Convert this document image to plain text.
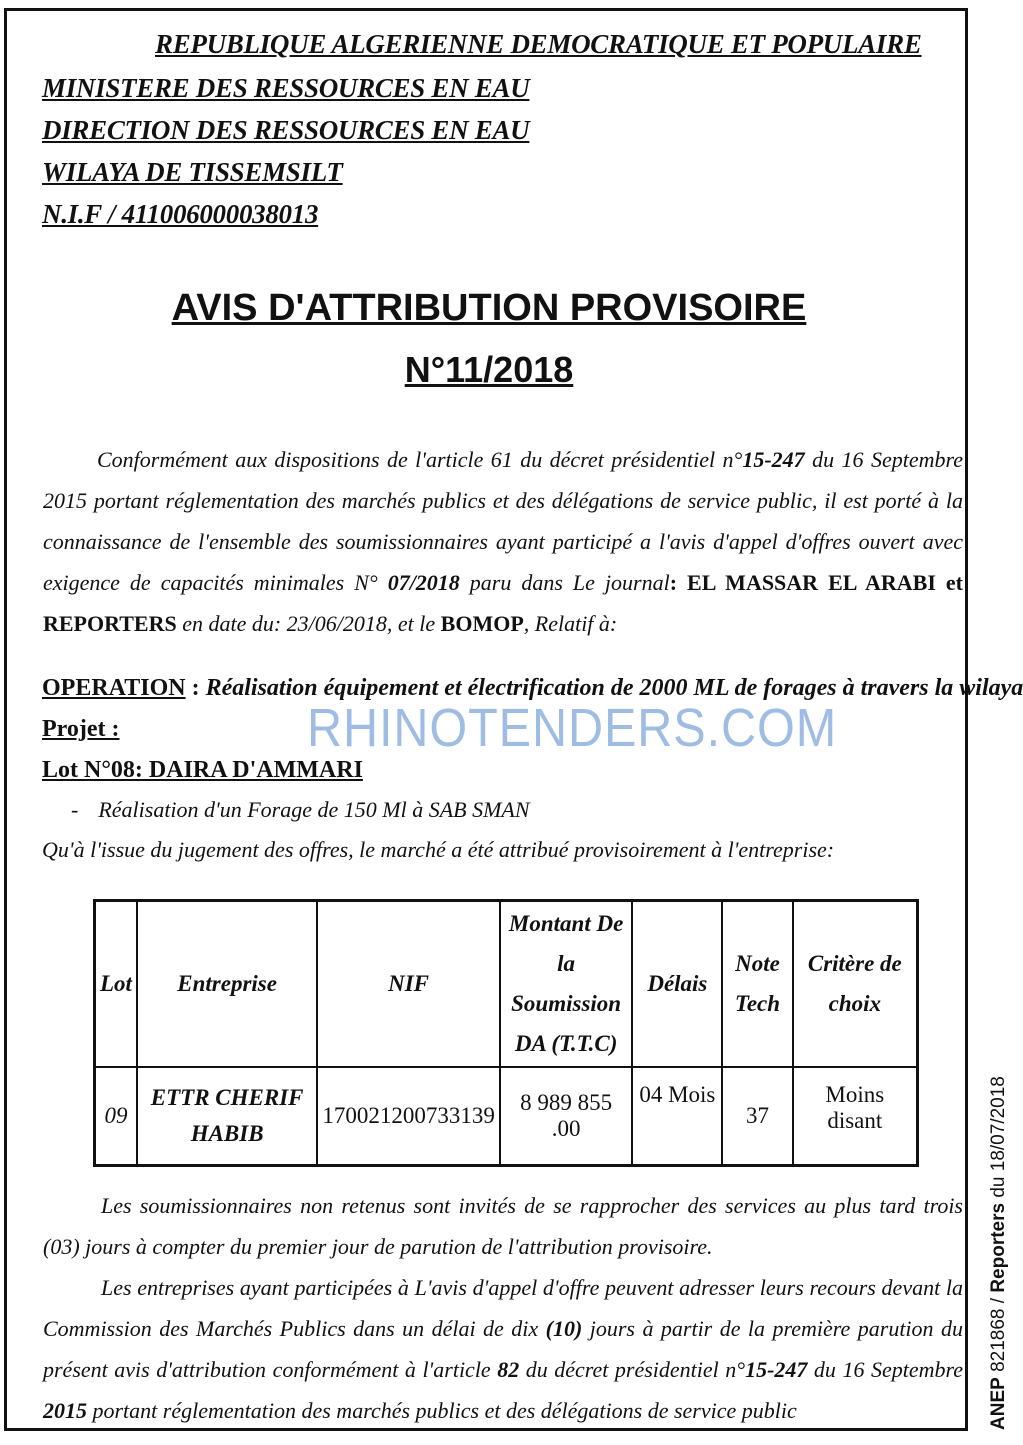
REPUBLIQUE ALGERIENNE DEMOCRATIQUE ET POPULAIRE
MINISTERE DES RESSOURCES EN EAU
DIRECTION DES RESSOURCES EN EAU
WILAYA DE TISSEMSILT
N.I.F / 411006000038013
AVIS D'ATTRIBUTION PROVISOIRE
N°11/2018
Conformément aux dispositions de l'article 61 du décret présidentiel n°15-247 du 16 Septembre 2015 portant réglementation des marchés publics et des délégations de service public, il est porté à la connaissance de l'ensemble des soumissionnaires ayant participé a l'avis d'appel d'offres ouvert avec exigence de capacités minimales N° 07/2018 paru dans Le journal: EL MASSAR EL ARABI et REPORTERS en date du: 23/06/2018, et le BOMOP, Relatif à:
OPERATION : Réalisation équipement et électrification de 2000 ML de forages à travers la wilaya
Projet :
Lot N°08: DAIRA D'AMMARI
- Réalisation d'un Forage de 150 Ml à SAB SMAN
Qu'à l'issue du jugement des offres, le marché a été attribué provisoirement à l'entreprise:
Lot	Entreprise	NIF	Montant De la Soumission DA (T.T.C)	Délais	Note Tech	Critère de choix
09	ETTR CHERIF HABIB	170021200733139	8 989 855 .00	04 Mois	37	Moins disant
Les soumissionnaires non retenus sont invités de se rapprocher des services au plus tard trois (03) jours à compter du premier jour de parution de l'attribution provisoire.
Les entreprises ayant participées à L'avis d'appel d'offre peuvent adresser leurs recours devant la Commission des Marchés Publics dans un délai de dix (10) jours à partir de la première parution du présent avis d'attribution conformément à l'article 82 du décret présidentiel n°15-247 du 16 Septembre 2015 portant réglementation des marchés publics et des délégations de service public
RHINOTENDERS.COM
ANEP 821868 / Reporters du 18/07/2018
